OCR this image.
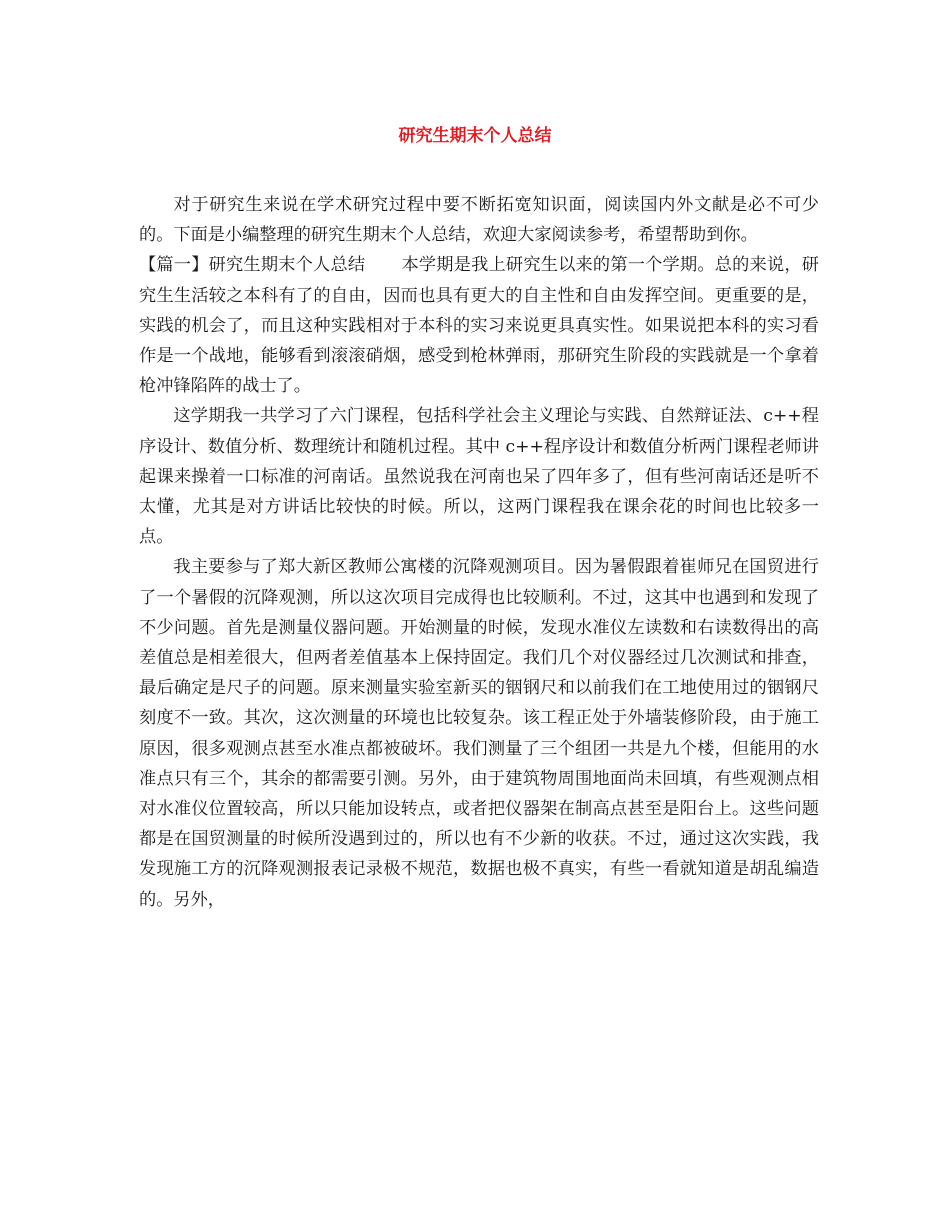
研究生期末个人总结

对于研究生来说在学术研究过程中要不断拓宽知识面，阅读国内外文献是必不可少的。下面是小编整理的研究生期末个人总结，欢迎大家阅读参考，希望帮助到你。

【篇一】研究生期末个人总结 本学期是我上研究生以来的第一个学期。总的来说，研究生生活较之本科有了的自由，因而也具有更大的自主性和自由发挥空间。更重要的是，实践的机会了，而且这种实践相对于本科的实习来说更具真实性。如果说把本科的实习看作是一个战地，能够看到滚滚硝烟，感受到枪林弹雨，那研究生阶段的实践就是一个拿着枪冲锋陷阵的战士了。

这学期我一共学习了六门课程，包括科学社会主义理论与实践、自然辩证法、c++程序设计、数值分析、数理统计和随机过程。其中 c++程序设计和数值分析两门课程老师讲起课来操着一口标准的河南话。虽然说我在河南也呆了四年多了，但有些河南话还是听不太懂，尤其是对方讲话比较快的时候。所以，这两门课程我在课余花的时间也比较多一点。

我主要参与了郑大新区教师公寓楼的沉降观测项目。因为暑假跟着崔师兄在国贸进行了一个暑假的沉降观测，所以这次项目完成得也比较顺利。不过，这其中也遇到和发现了不少问题。首先是测量仪器问题。开始测量的时候，发现水准仪左读数和右读数得出的高差值总是相差很大，但两者差值基本上保持固定。我们几个对仪器经过几次测试和排查，最后确定是尺子的问题。原来测量实验室新买的铟钢尺和以前我们在工地使用过的铟钢尺刻度不一致。其次，这次测量的环境也比较复杂。该工程正处于外墙装修阶段，由于施工原因，很多观测点甚至水准点都被破坏。我们测量了三个组团一共是九个楼，但能用的水准点只有三个，其余的都需要引测。另外，由于建筑物周围地面尚未回填，有些观测点相对水准仪位置较高，所以只能加设转点，或者把仪器架在制高点甚至是阳台上。这些问题都是在国贸测量的时候所没遇到过的，所以也有不少新的收获。不过，通过这次实践，我发现施工方的沉降观测报表记录极不规范，数据也极不真实，有些一看就知道是胡乱编造的。另外，
